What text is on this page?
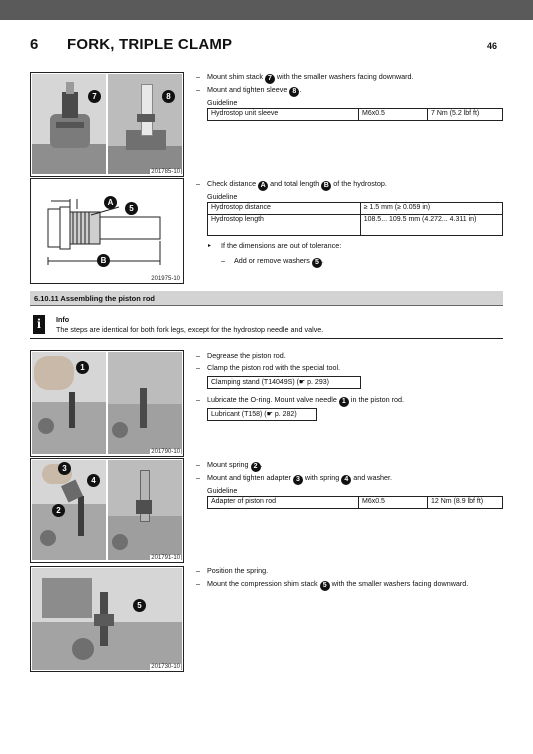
6 FORK, TRIPLE CLAMP	46
7	8
201785-10
– Mount shim stack 7 with the smaller washers facing downward.
– Mount and tighten sleeve 8 .
Guideline
Hydrostop unit sleeve	M6x0.5	7 Nm (5.2 lbf ft)
A
5
B
201975-10
– Check distance A and total length B of the hydrostop.
Guideline
Hydrostop distance	≥ 1.5 mm (≥ 0.059 in)
Hydrostop length	108.5... 109.5 mm (4.272... 4.311 in)
▸ If the dimensions are out of tolerance:
– Add or remove washers 5 .
6.10.11 Assembling the piston rod
i	Info
The steps are identical for both fork legs, except for the hydrostop needle and valve.
1
201790-10
– Degrease the piston rod.
– Clamp the piston rod with the special tool.
Clamping stand (T14049S) (☛ p. 293)
– Lubricate the O-ring. Mount valve needle 1 in the piston rod.
Lubricant (T158) (☛ p. 282)
3
4
2
201791-10
– Mount spring 2 .
– Mount and tighten adapter 3 with spring 4 and washer.
Guideline
Adapter of piston rod	M6x0.5	12 Nm (8.9 lbf ft)
5
201730-10
– Position the spring.
– Mount the compression shim stack 5 with the smaller washers facing downward.
